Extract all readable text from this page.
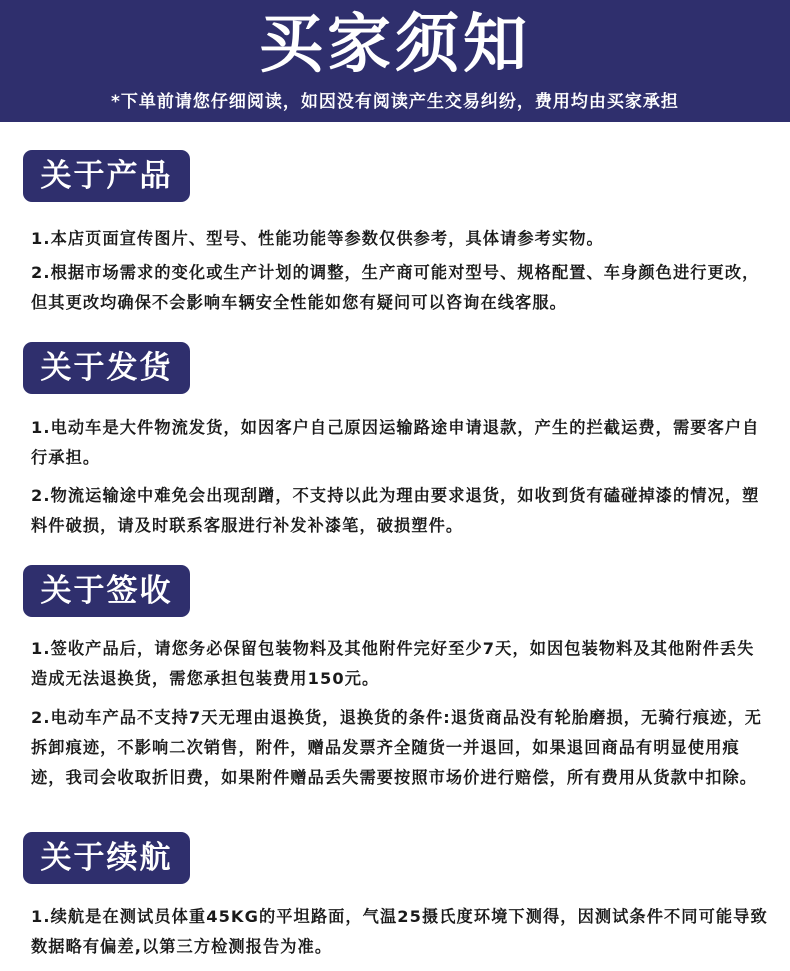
买家须知
*下单前请您仔细阅读，如因没有阅读产生交易纠纷，费用均由买家承担
关于产品
1.本店页面宣传图片、型号、性能功能等参数仅供参考，具体请参考实物。
2.根据市场需求的变化或生产计划的调整，生产商可能对型号、规格配置、车身颜色进行更改，但其更改均确保不会影响车辆安全性能如您有疑问可以咨询在线客服。
关于发货
1.电动车是大件物流发货，如因客户自己原因运输路途申请退款，产生的拦截运费，需要客户自行承担。
2.物流运输途中难免会出现刮蹭，不支持以此为理由要求退货，如收到货有磕碰掉漆的情况，塑料件破损，请及时联系客服进行补发补漆笔，破损塑件。
关于签收
1.签收产品后，请您务必保留包装物料及其他附件完好至少7天，如因包装物料及其他附件丢失造成无法退换货，需您承担包装费用150元。
2.电动车产品不支持7天无理由退换货，退换货的条件:退货商品没有轮胎磨损，无骑行痕迹，无拆卸痕迹，不影响二次销售，附件，赠品发票齐全随货一并退回，如果退回商品有明显使用痕迹，我司会收取折旧费，如果附件赠品丢失需要按照市场价进行赔偿，所有费用从货款中扣除。
关于续航
1.续航是在测试员体重45KG的平坦路面，气温25摄氏度环境下测得，因测试条件不同可能导致数据略有偏差,以第三方检测报告为准。
